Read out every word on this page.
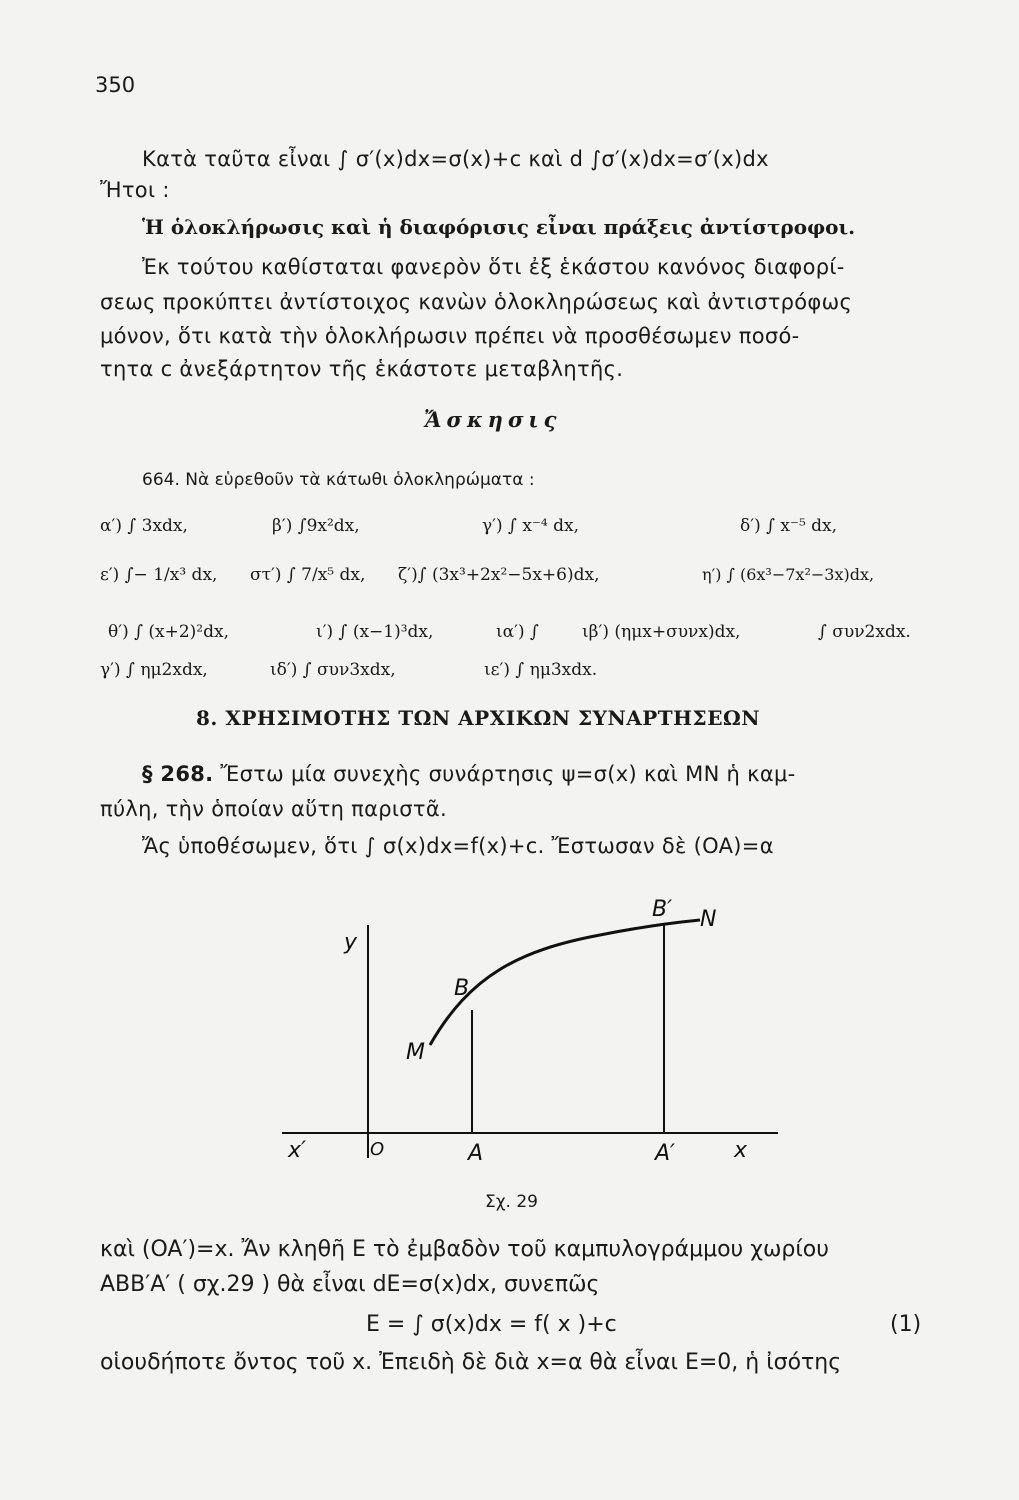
350
Κατὰ ταῦτα εἶναι ∫ σ′(x)dx=σ(x)+c καὶ d ∫σ′(x)dx=σ′(x)dx
Ἤτοι :
Ἡ ὁλοκλήρωσις καὶ ἡ διαφόρισις εἶναι πράξεις ἀντίστροφοι.
Ἐκ τούτου καθίσταται φανερὸν ὅτι ἐξ ἑκάστου κανόνος διαφορί-
σεως προκύπτει ἀντίστοιχος κανὼν ὁλοκληρώσεως καὶ ἀντιστρόφως
μόνον, ὅτι κατὰ τὴν ὁλοκλήρωσιν πρέπει νὰ προσθέσωμεν ποσό-
τητα c ἀνεξάρτητον τῆς ἑκάστοτε μεταβλητῆς.
Ἄσκησις
664. Νὰ εὑρεθοῦν τὰ κάτωθι ὁλοκληρώματα :
α′) ∫ 3xdx,	β′) ∫9x²dx,	γ′) ∫ x⁻⁴ dx,	δ′) ∫ x⁻⁵ dx,
ε′) ∫− 1/x³ dx, στ′) ∫ 7/x⁵ dx, ζ′)∫ (3x³+2x²−5x+6)dx,	η′) ∫ (6x³−7x²−3x)dx,
θ′) ∫ (x+2)²dx,	ι′) ∫ (x−1)³dx,	ια′) ∫	ιβ′) (ημx+συνx)dx,	∫ συν2xdx.
γ′) ∫ ημ2xdx,	ιδ′) ∫ συν3xdx,	ιε′) ∫ ημ3xdx.
8. ΧΡΗΣΙΜΟΤΗΣ ΤΩΝ ΑΡΧΙΚΩΝ ΣΥΝΑΡΤΗΣΕΩΝ
§ 268. Ἔστω μία συνεχὴς συνάρτησις ψ=σ(x) καὶ MN ἡ καμ-
πύλη, τὴν ὁποίαν αὕτη παριστᾶ.
Ἄς ὑποθέσωμεν, ὅτι ∫ σ(x)dx=f(x)+c. Ἔστωσαν δὲ (OA)=α
y
B′ N
B
M
x′	O	A	A′	x
Σχ. 29
καὶ (OA′)=x. Ἄν κληθῆ E τὸ ἐμβαδὸν τοῦ καμπυλογράμμου χωρίου
ABB′A′ ( σχ.29 ) θὰ εἶναι dE=σ(x)dx, συνεπῶς
E = ∫ σ(x)dx = f( x )+c	(1)
οἱουδήποτε ὄντος τοῦ x. Ἐπειδὴ δὲ διὰ x=α θὰ εἶναι E=0, ἡ ἰσότης
